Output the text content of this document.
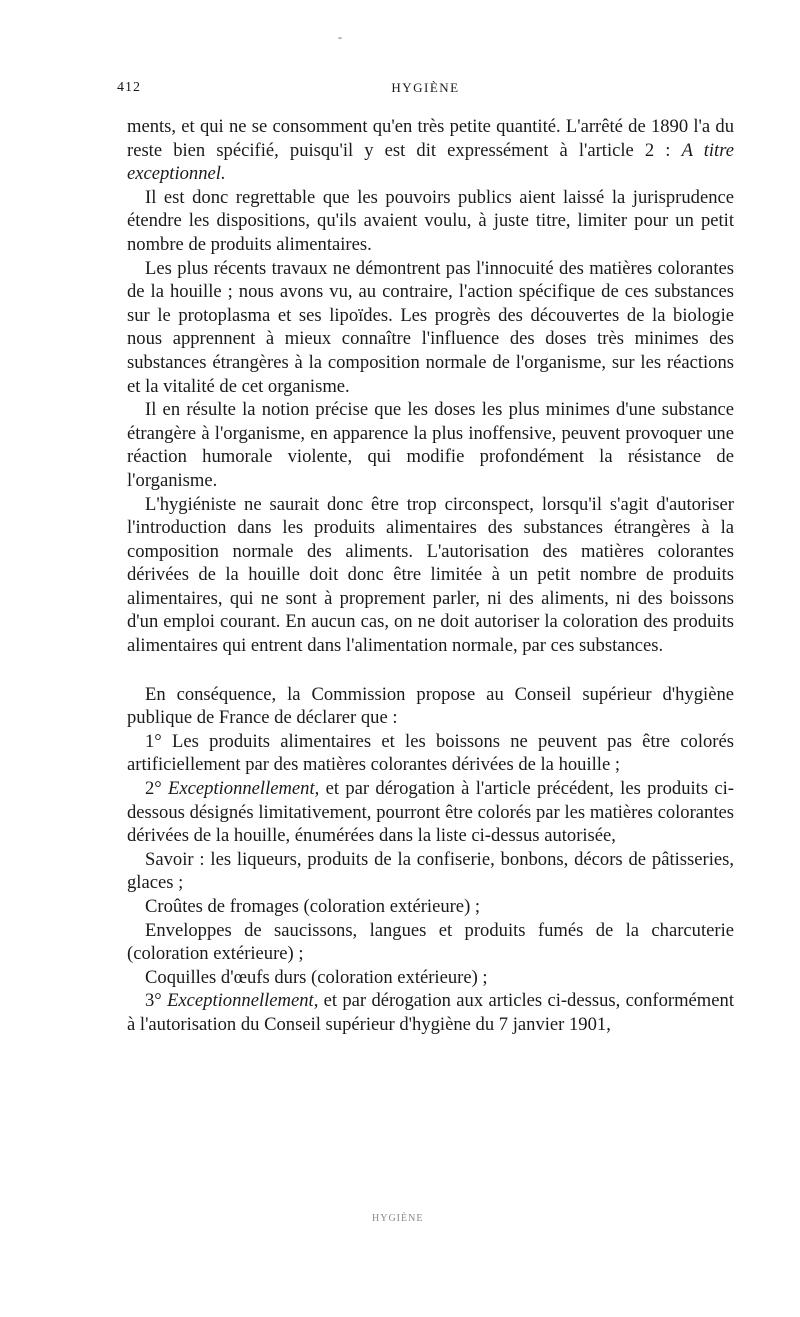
-
412	HYGIÈNE

ments, et qui ne se consomment qu'en très petite quantité. L'arrêté de 1890 l'a du reste bien spécifié, puisqu'il y est dit expressément à l'article 2 : A titre exceptionnel.

Il est donc regrettable que les pouvoirs publics aient laissé la jurisprudence étendre les dispositions, qu'ils avaient voulu, à juste titre, limiter pour un petit nombre de produits alimentaires.

Les plus récents travaux ne démontrent pas l'innocuité des matières colorantes de la houille ; nous avons vu, au contraire, l'action spécifique de ces substances sur le protoplasma et ses lipoïdes. Les progrès des découvertes de la biologie nous apprennent à mieux connaître l'influence des doses très minimes des substances étrangères à la composition normale de l'organisme, sur les réactions et la vitalité de cet organisme.

Il en résulte la notion précise que les doses les plus minimes d'une substance étrangère à l'organisme, en apparence la plus inoffensive, peuvent provoquer une réaction humorale violente, qui modifie profondément la résistance de l'organisme.

L'hygiéniste ne saurait donc être trop circonspect, lorsqu'il s'agit d'autoriser l'introduction dans les produits alimentaires des substances étrangères à la composition normale des aliments. L'autorisation des matières colorantes dérivées de la houille doit donc être limitée à un petit nombre de produits alimentaires, qui ne sont à proprement parler, ni des aliments, ni des boissons d'un emploi courant. En aucun cas, on ne doit autoriser la coloration des produits alimentaires qui entrent dans l'alimentation normale, par ces substances.

En conséquence, la Commission propose au Conseil supérieur d'hygiène publique de France de déclarer que :

1° Les produits alimentaires et les boissons ne peuvent pas être colorés artificiellement par des matières colorantes dérivées de la houille ;

2° Exceptionnellement, et par dérogation à l'article précédent, les produits ci-dessous désignés limitativement, pourront être colorés par les matières colorantes dérivées de la houille, énumérées dans la liste ci-dessus autorisée,

Savoir : les liqueurs, produits de la confiserie, bonbons, décors de pâtisseries, glaces ;

Croûtes de fromages (coloration extérieure) ;

Enveloppes de saucissons, langues et produits fumés de la charcuterie (coloration extérieure) ;

Coquilles d'œufs durs (coloration extérieure) ;

3° Exceptionnellement, et par dérogation aux articles ci-dessus, conformément à l'autorisation du Conseil supérieur d'hygiène du 7 janvier 1901,

HYGIÈNE
